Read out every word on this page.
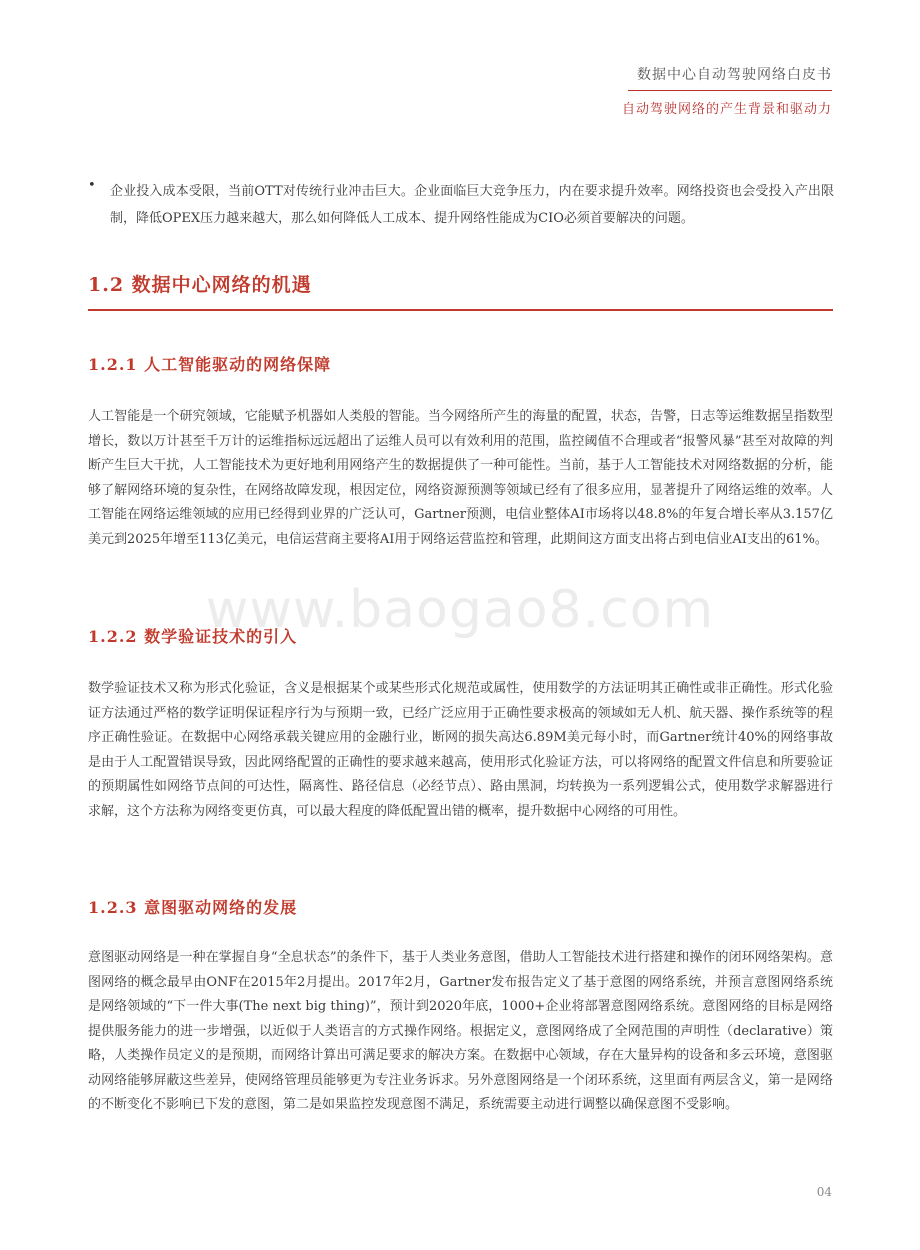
数据中心自动驾驶网络白皮书
自动驾驶网络的产生背景和驱动力
• 企业投入成本受限，当前OTT对传统行业冲击巨大。企业面临巨大竞争压力，内在要求提升效率。网络投资也会受投入产出限制，降低OPEX压力越来越大，那么如何降低人工成本、提升网络性能成为CIO必须首要解决的问题。
1.2 数据中心网络的机遇
1.2.1 人工智能驱动的网络保障
人工智能是一个研究领域，它能赋予机器如人类般的智能。当今网络所产生的海量的配置，状态，告警，日志等运维数据呈指数型增长，数以万计甚至千万计的运维指标远远超出了运维人员可以有效利用的范围，监控阈值不合理或者“报警风暴”甚至对故障的判断产生巨大干扰，人工智能技术为更好地利用网络产生的数据提供了一种可能性。当前，基于人工智能技术对网络数据的分析，能够了解网络环境的复杂性，在网络故障发现，根因定位，网络资源预测等领域已经有了很多应用，显著提升了网络运维的效率。人工智能在网络运维领域的应用已经得到业界的广泛认可，Gartner预测，电信业整体AI市场将以48.8%的年复合增长率从3.157亿美元到2025年增至113亿美元，电信运营商主要将AI用于网络运营监控和管理，此期间这方面支出将占到电信业AI支出的61%。
www.baogao8.com
1.2.2 数学验证技术的引入
数学验证技术又称为形式化验证，含义是根据某个或某些形式化规范或属性，使用数学的方法证明其正确性或非正确性。形式化验证方法通过严格的数学证明保证程序行为与预期一致，已经广泛应用于正确性要求极高的领域如无人机、航天器、操作系统等的程序正确性验证。在数据中心网络承载关键应用的金融行业，断网的损失高达6.89M美元每小时，而Gartner统计40%的网络事故是由于人工配置错误导致，因此网络配置的正确性的要求越来越高，使用形式化验证方法，可以将网络的配置文件信息和所要验证的预期属性如网络节点间的可达性，隔离性、路径信息（必经节点）、路由黑洞，均转换为一系列逻辑公式，使用数学求解器进行求解，这个方法称为网络变更仿真，可以最大程度的降低配置出错的概率，提升数据中心网络的可用性。
1.2.3 意图驱动网络的发展
意图驱动网络是一种在掌握自身“全息状态”的条件下，基于人类业务意图，借助人工智能技术进行搭建和操作的闭环网络架构。意图网络的概念最早由ONF在2015年2月提出。2017年2月，Gartner发布报告定义了基于意图的网络系统，并预言意图网络系统是网络领域的“下一件大事(The next big thing)”，预计到2020年底，1000+企业将部署意图网络系统。意图网络的目标是网络提供服务能力的进一步增强，以近似于人类语言的方式操作网络。根据定义，意图网络成了全网范围的声明性（declarative）策略，人类操作员定义的是预期，而网络计算出可满足要求的解决方案。在数据中心领域，存在大量异构的设备和多云环境，意图驱动网络能够屏蔽这些差异，使网络管理员能够更为专注业务诉求。另外意图网络是一个闭环系统，这里面有两层含义，第一是网络的不断变化不影响已下发的意图，第二是如果监控发现意图不满足，系统需要主动进行调整以确保意图不受影响。
04
